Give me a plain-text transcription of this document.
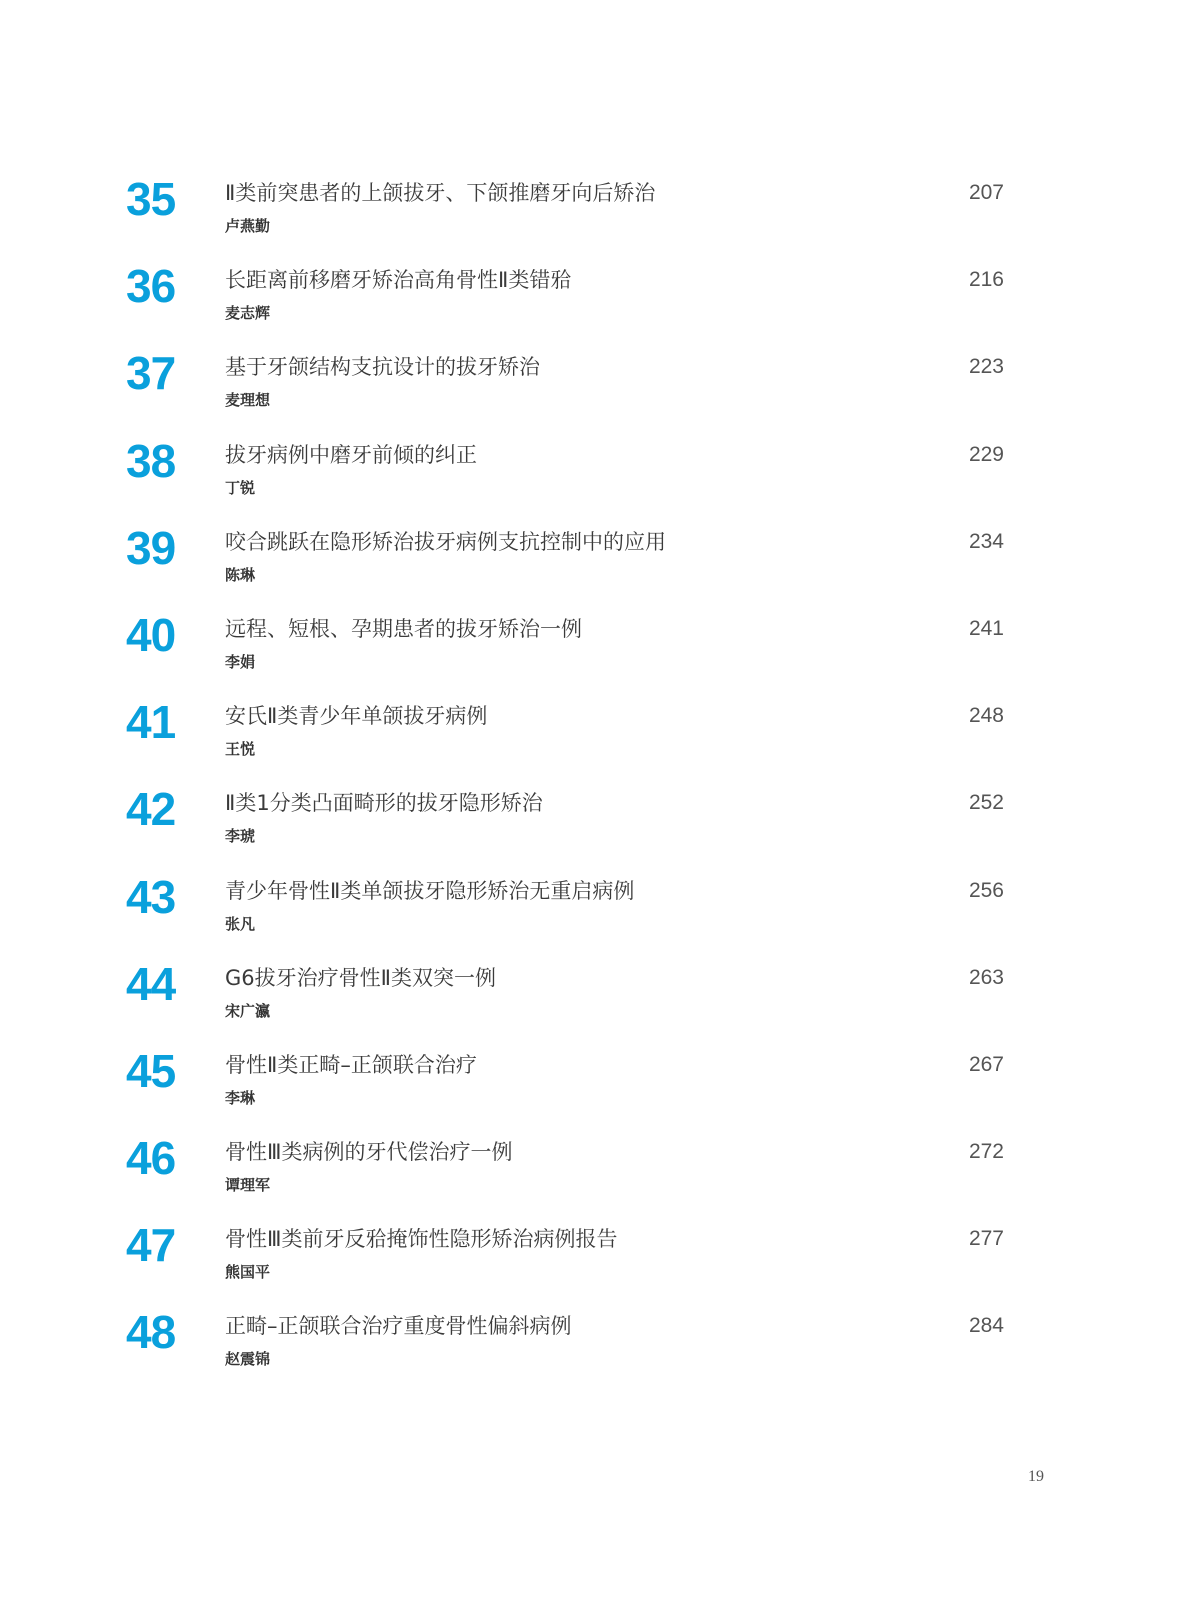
35 Ⅱ类前突患者的上颌拔牙、下颌推磨牙向后矫治
卢燕勤
207
36 长距离前移磨牙矫治高角骨性Ⅱ类错𬌗
麦志辉
216
37 基于牙颌结构支抗设计的拔牙矫治
麦理想
223
38 拔牙病例中磨牙前倾的纠正
丁锐
229
39 咬合跳跃在隐形矫治拔牙病例支抗控制中的应用
陈琳
234
40 远程、短根、孕期患者的拔牙矫治一例
李娟
241
41 安氏Ⅱ类青少年单颌拔牙病例
王悦
248
42 Ⅱ类1分类凸面畸形的拔牙隐形矫治
李琥
252
43 青少年骨性Ⅱ类单颌拔牙隐形矫治无重启病例
张凡
256
44 G6拔牙治疗骨性Ⅱ类双突一例
宋广瀛
263
45 骨性Ⅱ类正畸–正颌联合治疗
李琳
267
46 骨性Ⅲ类病例的牙代偿治疗一例
谭理军
272
47 骨性Ⅲ类前牙反𬌗掩饰性隐形矫治病例报告
熊国平
277
48 正畸–正颌联合治疗重度骨性偏斜病例
赵震锦
284
19
